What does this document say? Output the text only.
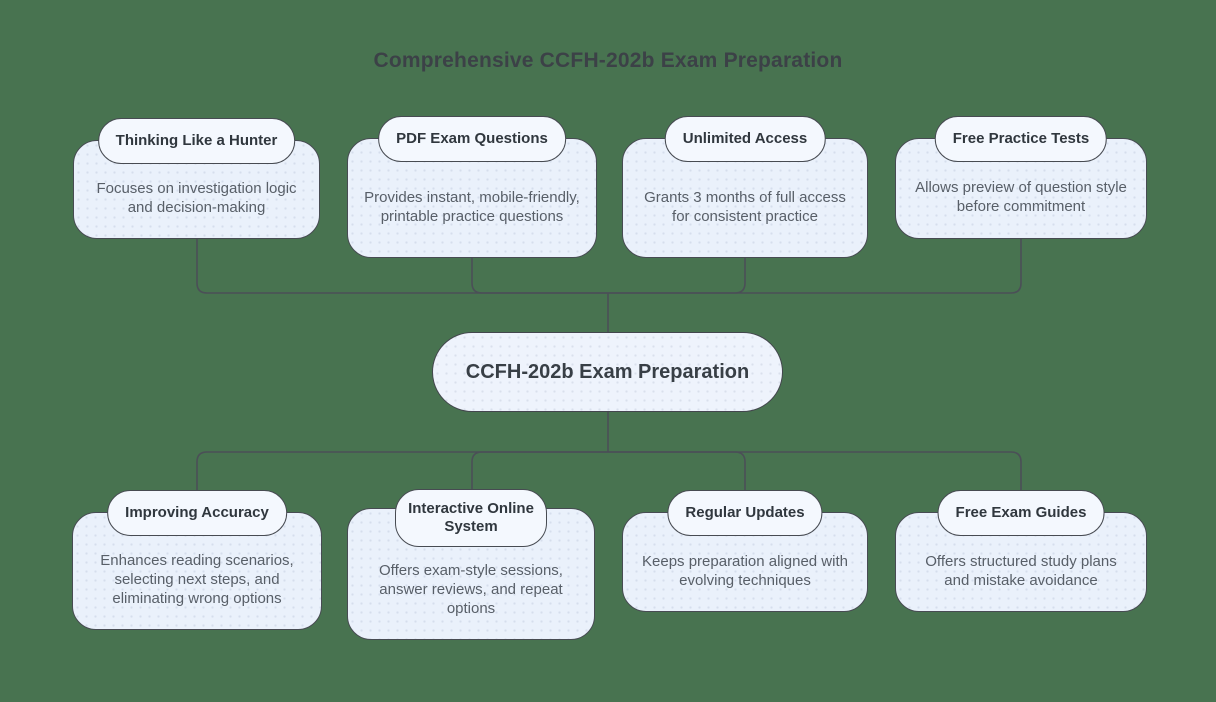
Comprehensive CCFH-202b Exam Preparation
Thinking Like a Hunter
Focuses on investigation logic and decision-making
PDF Exam Questions
Provides instant, mobile-friendly, printable practice questions
Unlimited Access
Grants 3 months of full access for consistent practice
Free Practice Tests
Allows preview of question style before commitment
CCFH-202b Exam Preparation
Improving Accuracy
Enhances reading scenarios, selecting next steps, and eliminating wrong options
Interactive Online System
Offers exam-style sessions, answer reviews, and repeat options
Regular Updates
Keeps preparation aligned with evolving techniques
Free Exam Guides
Offers structured study plans and mistake avoidance
